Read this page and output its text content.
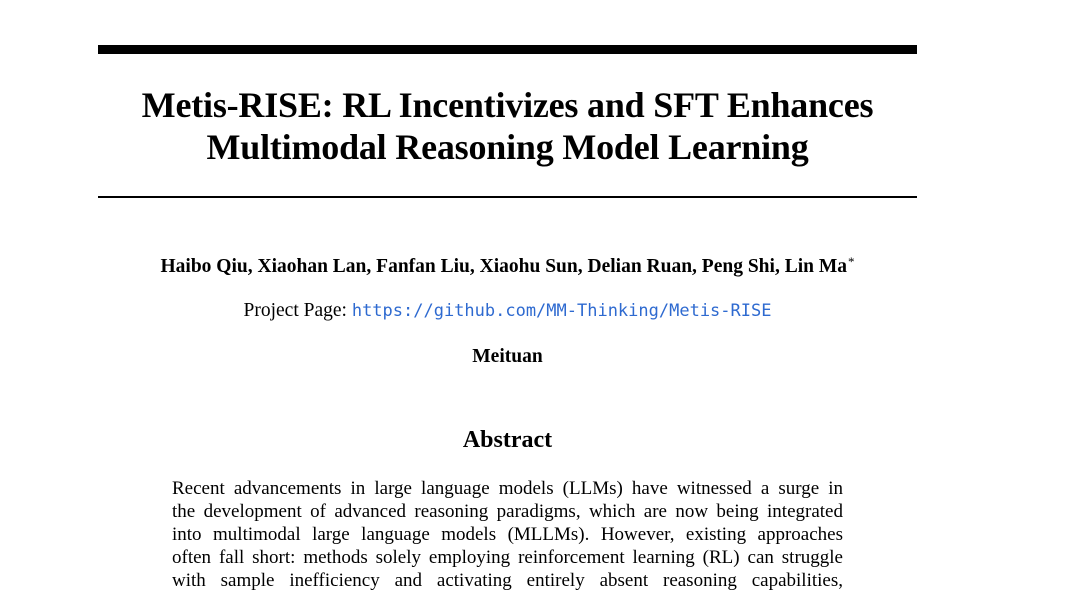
Metis-RISE: RL Incentivizes and SFT Enhances
Multimodal Reasoning Model Learning
Haibo Qiu, Xiaohan Lan, Fanfan Liu, Xiaohu Sun, Delian Ruan, Peng Shi, Lin Ma*
Project Page: https://github.com/MM-Thinking/Metis-RISE
Meituan
Abstract
Recent advancements in large language models (LLMs) have witnessed a surge in
the development of advanced reasoning paradigms, which are now being integrated
into multimodal large language models (MLLMs). However, existing approaches
often fall short: methods solely employing reinforcement learning (RL) can struggle
with sample inefficiency and activating entirely absent reasoning capabilities,
